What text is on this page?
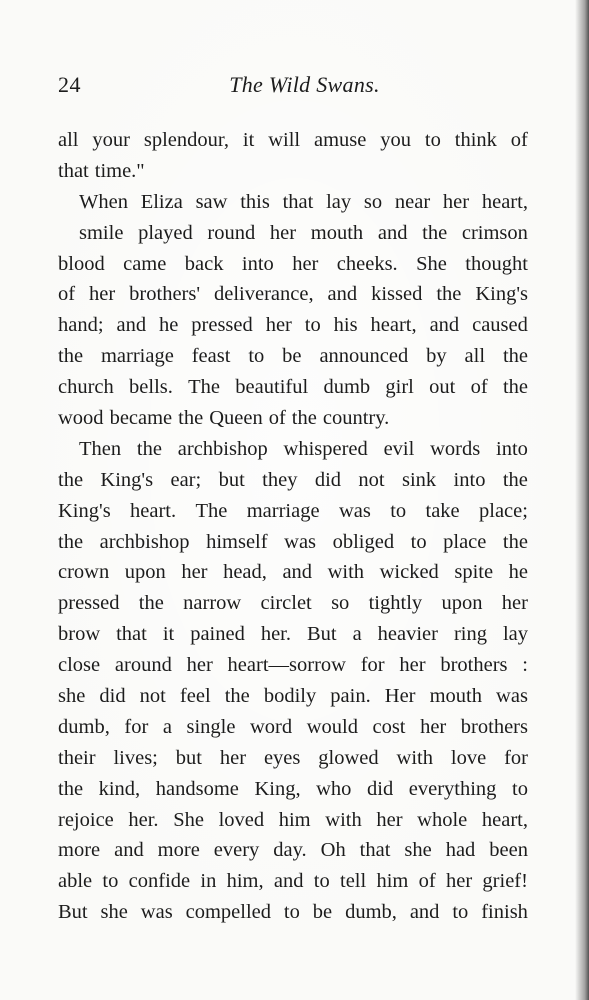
24	The Wild Swans.
all your splendour, it will amuse you to think of
that time."
When Eliza saw this that lay so near her heart,
smile played round her mouth and the crimson
blood came back into her cheeks. She thought
of her brothers' deliverance, and kissed the King's
hand; and he pressed her to his heart, and caused
the marriage feast to be announced by all the
church bells. The beautiful dumb girl out of the
wood became the Queen of the country.
Then the archbishop whispered evil words into
the King's ear; but they did not sink into the
King's heart. The marriage was to take place;
the archbishop himself was obliged to place the
crown upon her head, and with wicked spite he
pressed the narrow circlet so tightly upon her
brow that it pained her. But a heavier ring lay
close around her heart—sorrow for her brothers :
she did not feel the bodily pain. Her mouth was
dumb, for a single word would cost her brothers
their lives; but her eyes glowed with love for
the kind, handsome King, who did everything to
rejoice her. She loved him with her whole heart,
more and more every day. Oh that she had been
able to confide in him, and to tell him of her grief!
But she was compelled to be dumb, and to finish
